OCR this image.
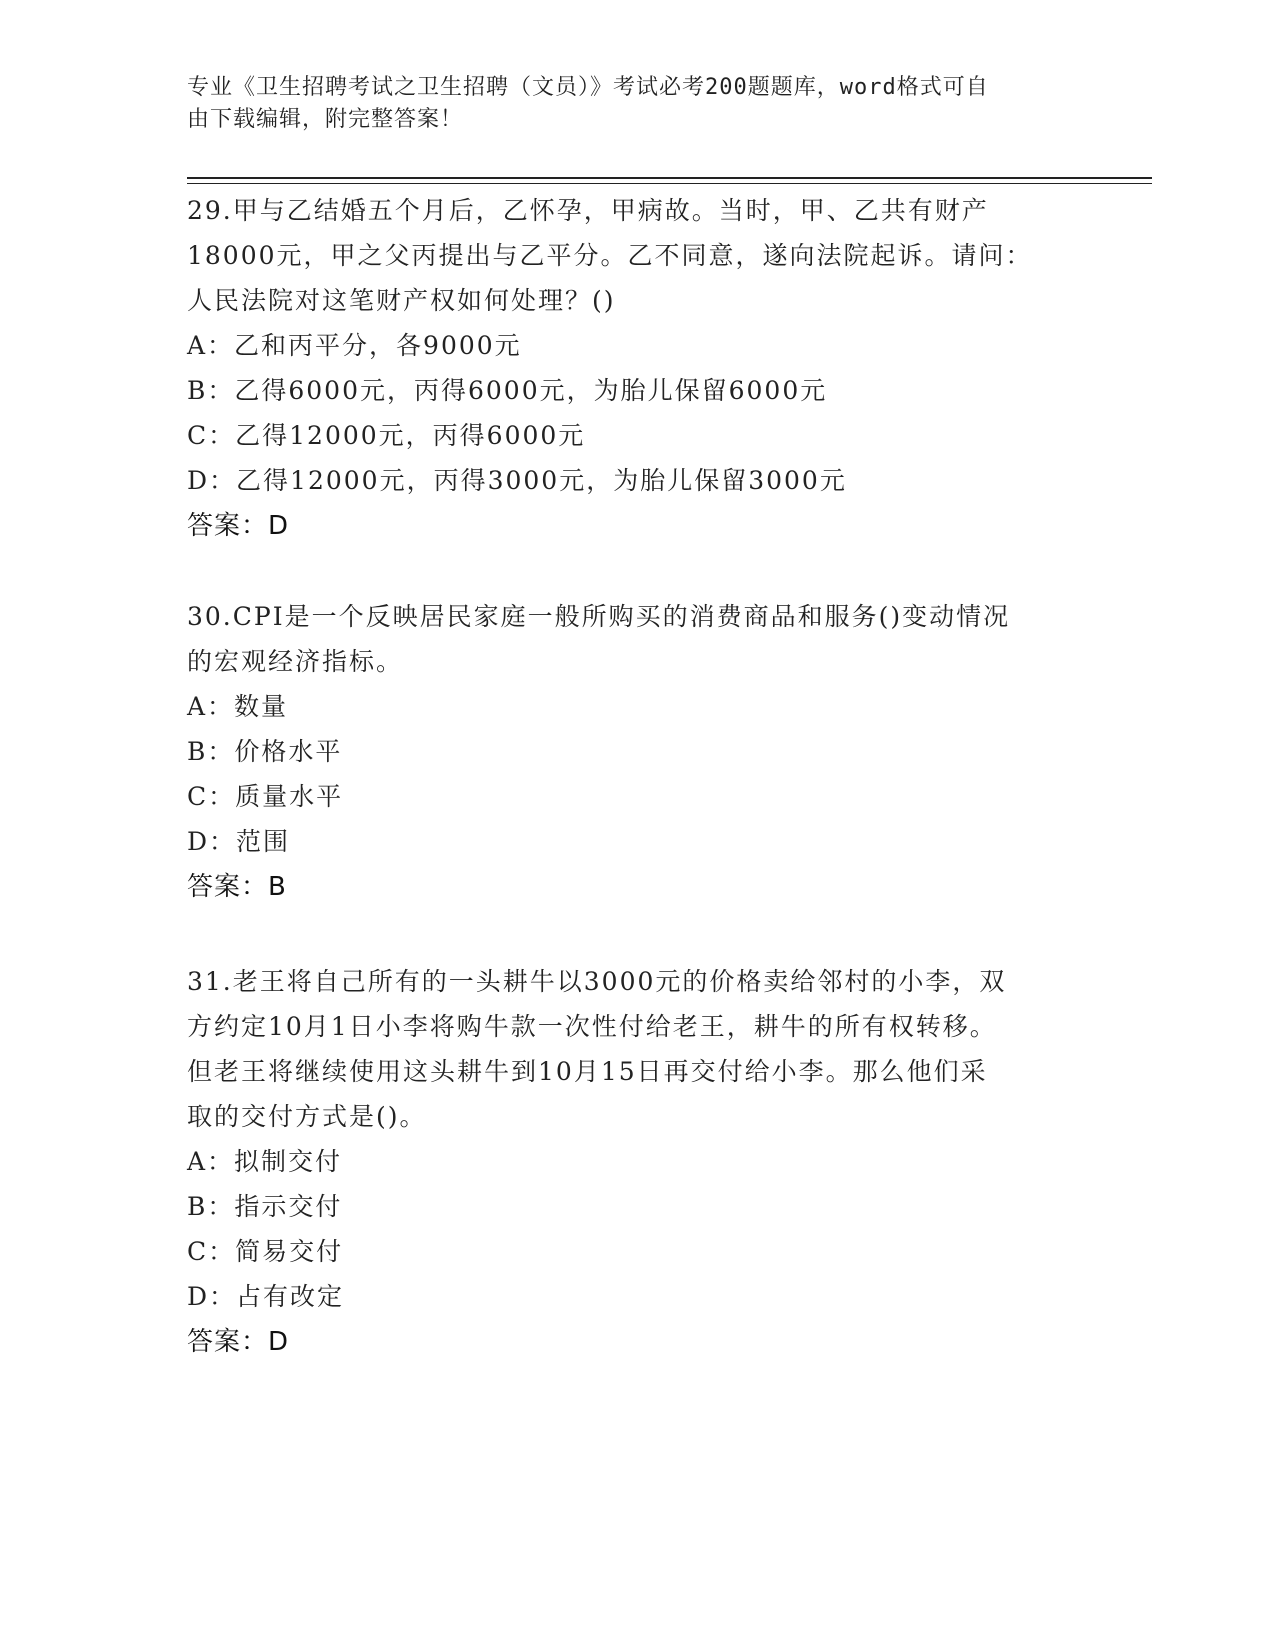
专业《卫生招聘考试之卫生招聘（文员）》考试必考200题题库，word格式可自
由下载编辑，附完整答案！
29.甲与乙结婚五个月后，乙怀孕，甲病故。当时，甲、乙共有财产
18000元，甲之父丙提出与乙平分。乙不同意，遂向法院起诉。请问：
人民法院对这笔财产权如何处理？()
A：乙和丙平分，各9000元
B：乙得6000元，丙得6000元，为胎儿保留6000元
C：乙得12000元，丙得6000元
D：乙得12000元，丙得3000元，为胎儿保留3000元
答案：D
30.CPI是一个反映居民家庭一般所购买的消费商品和服务()变动情况
的宏观经济指标。
A：数量
B：价格水平
C：质量水平
D：范围
答案：B
31.老王将自己所有的一头耕牛以3000元的价格卖给邻村的小李，双
方约定10月1日小李将购牛款一次性付给老王，耕牛的所有权转移。
但老王将继续使用这头耕牛到10月15日再交付给小李。那么他们采
取的交付方式是()。
A：拟制交付
B：指示交付
C：简易交付
D：占有改定
答案：D
